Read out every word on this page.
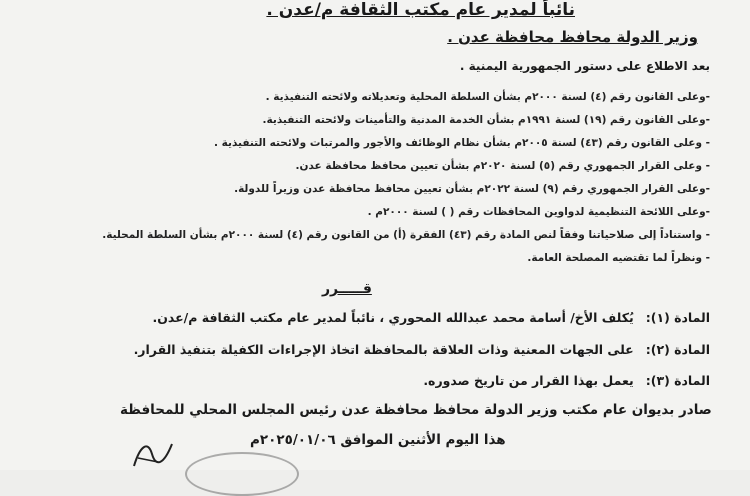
نائباً لمدير عام مكتب الثقافة م/عدن .
وزير الدولة محافظ محافظة عدن .
بعد الاطلاع على دستور الجمهورية اليمنية .
-وعلى القانون رقم (٤) لسنة ٢٠٠٠م بشأن السلطة المحلية وتعديلاته ولائحته التنفيذية .
-وعلى القانون رقم (١٩) لسنة ١٩٩١م بشأن الخدمة المدنية والتأمينات ولائحته التنفيذية.
- وعلى القانون رقم (٤٣) لسنة ٢٠٠٥م بشأن نظام الوظائف والأجور والمرتبات ولائحته التنفيذية .
- وعلى القرار الجمهوري رقم (٥) لسنة ٢٠٢٠م بشأن تعيين محافظ محافظة عدن.
-وعلى القرار الجمهوري رقم (٩) لسنة ٢٠٢٢م بشأن تعيين محافظ محافظة عدن وزيراً للدولة.
-وعلى اللائحة التنظيمية لدواوين المحافظات رقم ( ) لسنة ٢٠٠٠م .
- واستناداً إلى صلاحياتنا وفقاً لنص المادة رقم (٤٣) الفقرة (أ) من القانون رقم (٤) لسنة ٢٠٠٠م بشأن السلطة المحلية.
- ونظراً لما تقتضيه المصلحة العامة.
قـــــرر
المادة (١):يُكلف الأخ/ أسامة محمد عبدالله المحوري ، نائباً لمدير عام مكتب الثقافة م/عدن.
المادة (٢):على الجهات المعنية وذات العلاقة بالمحافظة اتخاذ الإجراءات الكفيلة بتنفيذ القرار.
المادة (٣):يعمل بهذا القرار من تاريخ صدوره.
صادر بديوان عام مكتب وزير الدولة محافظ محافظة عدن رئيس المجلس المحلي للمحافظة
هذا اليوم الأثنين الموافق ٢٠٢٥/٠١/٠٦م
